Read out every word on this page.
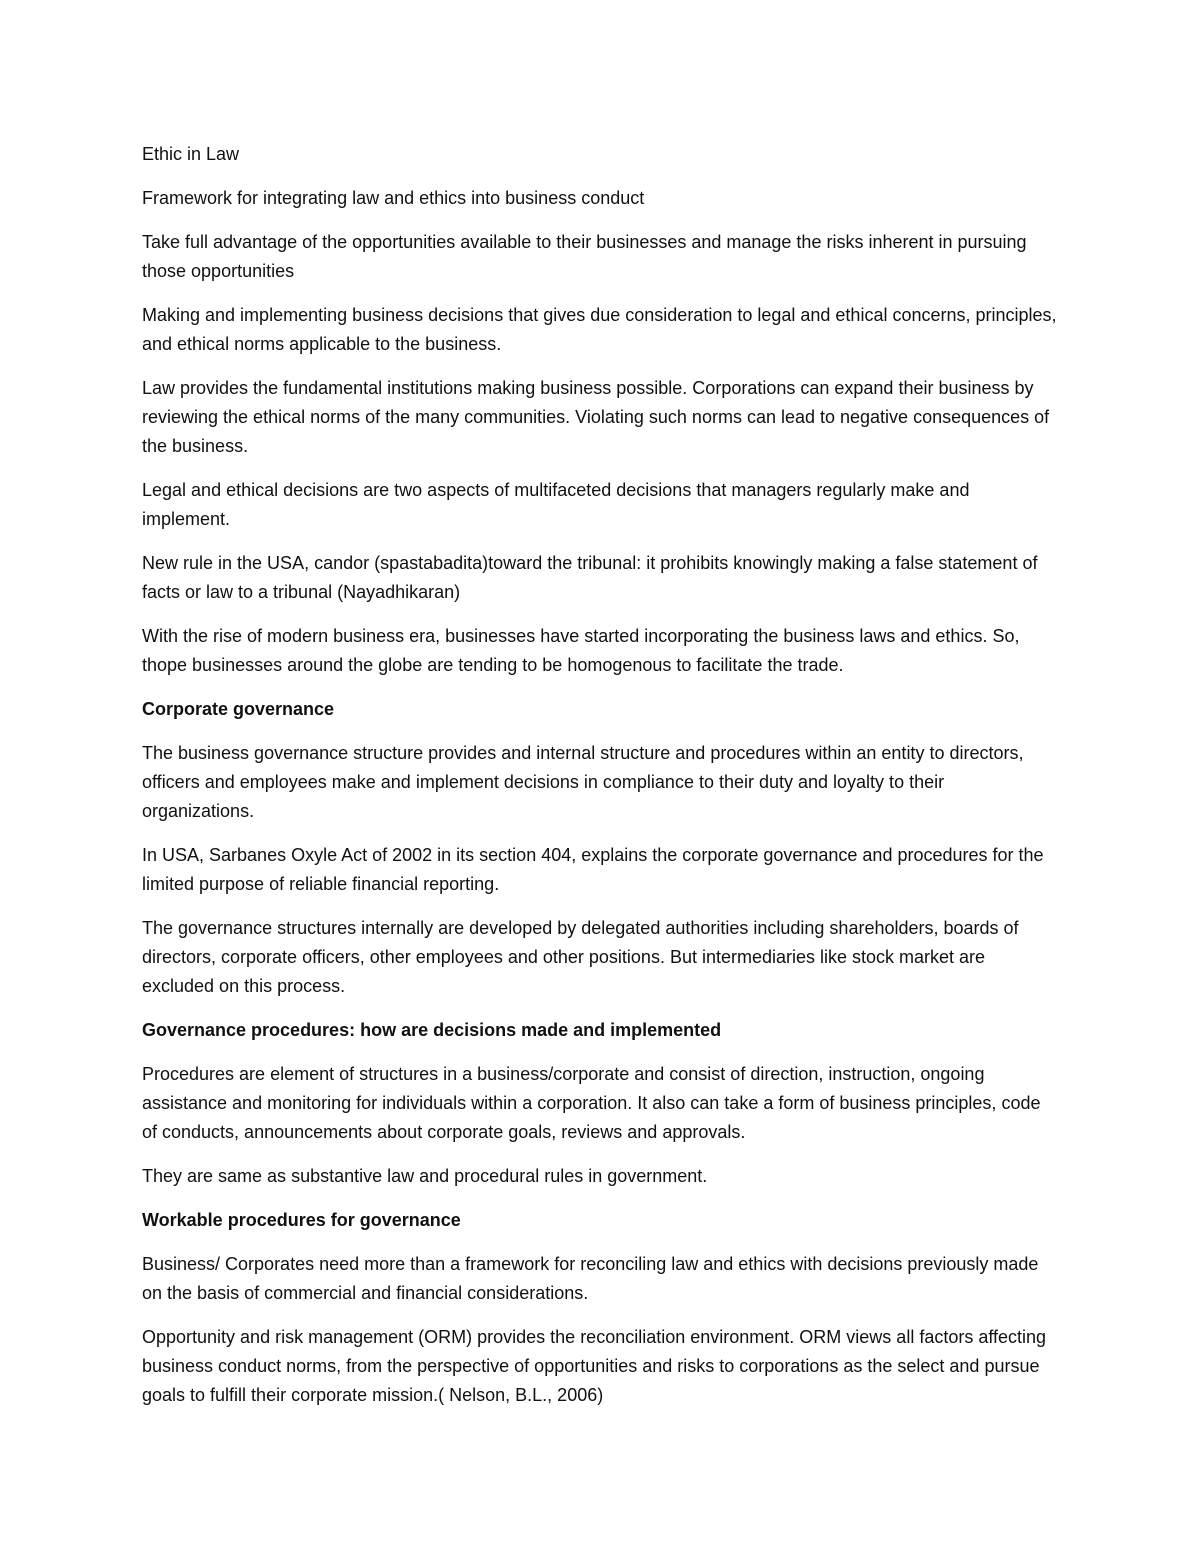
Ethic in Law

Framework for integrating law and ethics into business conduct

Take full advantage of the opportunities available to their businesses and manage the risks inherent in pursuing those opportunities

Making and implementing business decisions that gives due consideration to legal and ethical concerns, principles, and ethical norms applicable to the business.

Law provides the fundamental institutions making business possible. Corporations can expand their business by reviewing the ethical norms of the many communities. Violating such norms can lead to negative consequences of the business.

Legal and ethical decisions are two aspects of multifaceted decisions that managers regularly make and implement.

New rule in the USA, candor (spastabadita)toward the tribunal: it prohibits knowingly making a false statement of facts or law to a tribunal (Nayadhikaran)

With the rise of modern business era, businesses have started incorporating the business laws and ethics. So, thope businesses around the globe are tending to be homogenous to facilitate the trade.

Corporate governance

The business governance structure provides and internal structure and procedures within an entity to directors, officers and employees make and implement decisions in compliance to their duty and loyalty to their organizations.

In USA, Sarbanes Oxyle Act of 2002 in its section 404, explains the corporate governance and procedures for the limited purpose of reliable financial reporting.

The governance structures internally are developed by delegated authorities including shareholders, boards of directors, corporate officers, other employees and other positions. But intermediaries like stock market are excluded on this process.

Governance procedures: how are decisions made and implemented

Procedures are element of structures in a business/corporate and consist of direction, instruction, ongoing assistance and monitoring for individuals within a corporation. It also can take a form of business principles, code of conducts, announcements about corporate goals, reviews and approvals.

They are same as substantive law and procedural rules in government.

Workable procedures for governance

Business/ Corporates need more than a framework for reconciling law and ethics with decisions previously made on the basis of commercial and financial considerations.

Opportunity and risk management (ORM) provides the reconciliation environment. ORM views all factors affecting business conduct norms, from the perspective of opportunities and risks to corporations as the select and pursue goals to fulfill their corporate mission.( Nelson, B.L., 2006)
